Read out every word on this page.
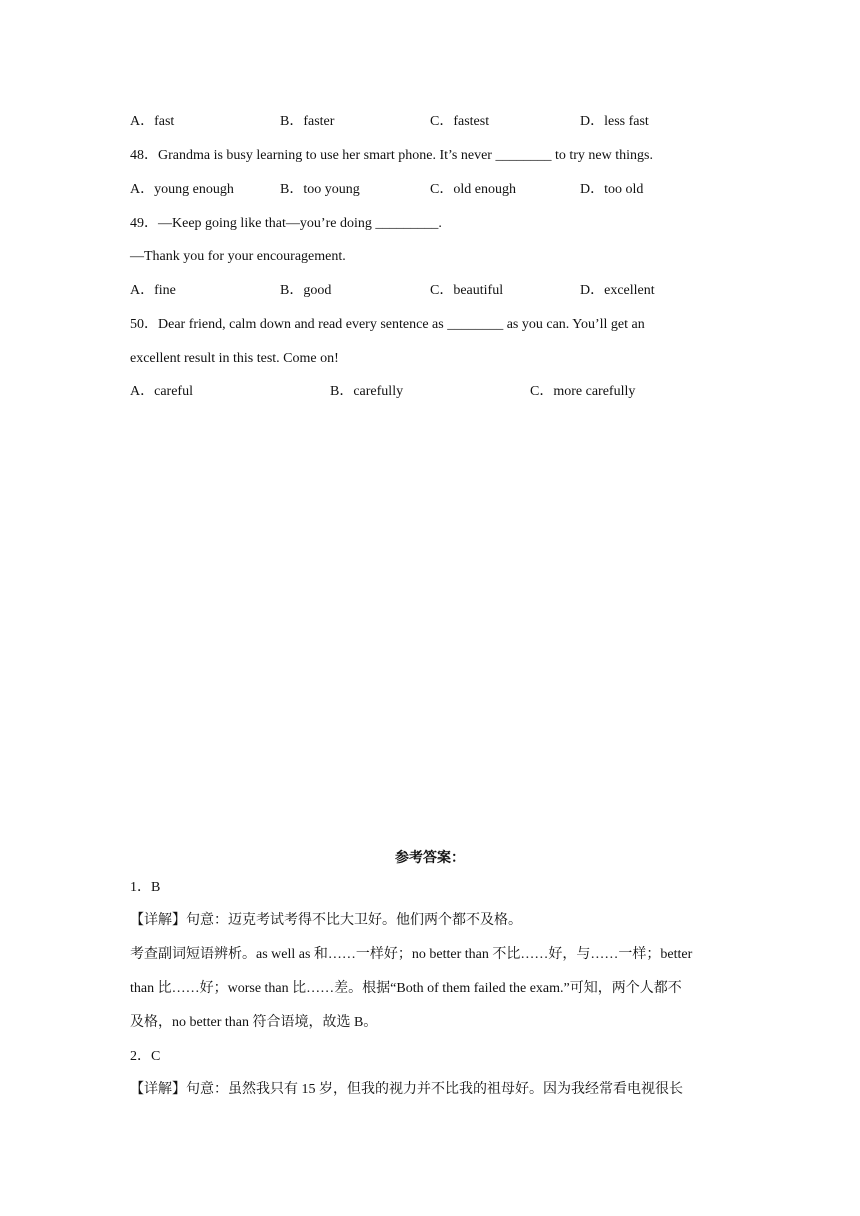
A．fast	B．faster	C．fastest	D．less fast
48．Grandma is busy learning to use her smart phone. It’s never ________ to try new things.
A．young enough	B．too young	C．old enough	D．too old
49．—Keep going like that—you’re doing _________.
—Thank you for your encouragement.
A．fine	B．good	C．beautiful	D．excellent
50．Dear friend, calm down and read every sentence as ________ as you can. You’ll get an
excellent result in this test. Come on!
A．careful	B．carefully	C．more carefully
参考答案：
1．B
【详解】句意：迈克考试考得不比大卫好。他们两个都不及格。
考查副词短语辨析。as well as 和……一样好；no better than 不比……好，与……一样；better
than 比……好；worse than 比……差。根据“Both of them failed the exam.”可知，两个人都不
及格，no better than 符合语境，故选 B。
2．C
【详解】句意：虽然我只有 15 岁，但我的视力并不比我的祖母好。因为我经常看电视很长
